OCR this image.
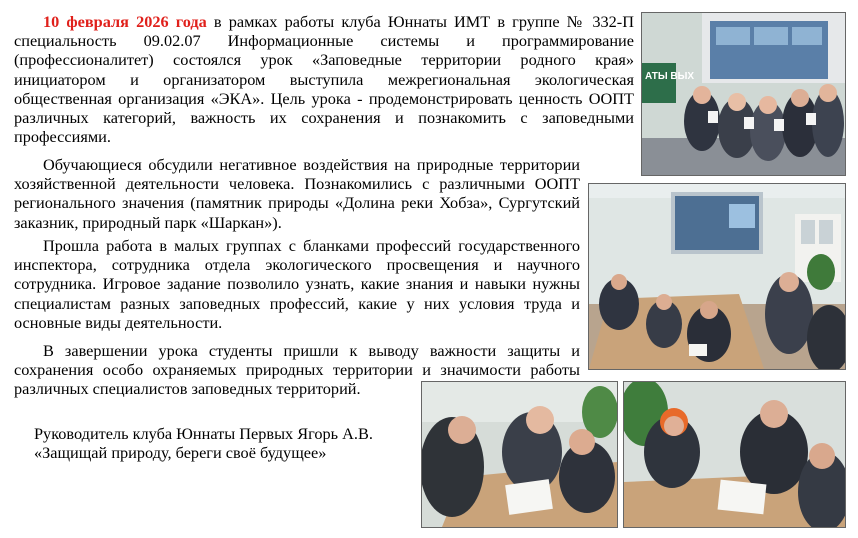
10 февраля 2026 года в рамках работы клуба Юннаты ИМТ в группе № 332-П специальность 09.02.07 Информационные системы и программирование (профессионалитет) состоялся урок «Заповедные территории родного края» инициатором и организатором выступила межрегиональная экологическая общественная организация «ЭКА». Цель урока - продемонстрировать ценность ООПТ различных категорий, важность их сохранения и познакомить с заповедными профессиями.

Обучающиеся обсудили негативное воздействия на природные территории хозяйственной деятельности человека. Познакомились с различными ООПТ регионального значения (памятник природы «Долина реки Хобза», Сургутский заказник, природный парк «Шаркан»).

Прошла работа в малых группах с бланками профессий государственного инспектора, сотрудника отдела экологического просвещения и научного сотрудника. Игровое задание позволило узнать, какие знания и навыки нужны специалистам разных заповедных профессий, какие у них условия труда и основные виды деятельности.

В завершении урока студенты пришли к выводу важности защиты и сохранения особо охраняемых природных территории и значимости работы различных специалистов заповедных территорий.

Руководитель клуба Юннаты Первых Ягорь А.В.

«Защищай природу, береги своё будущее»

АТЫ ВЫХ
